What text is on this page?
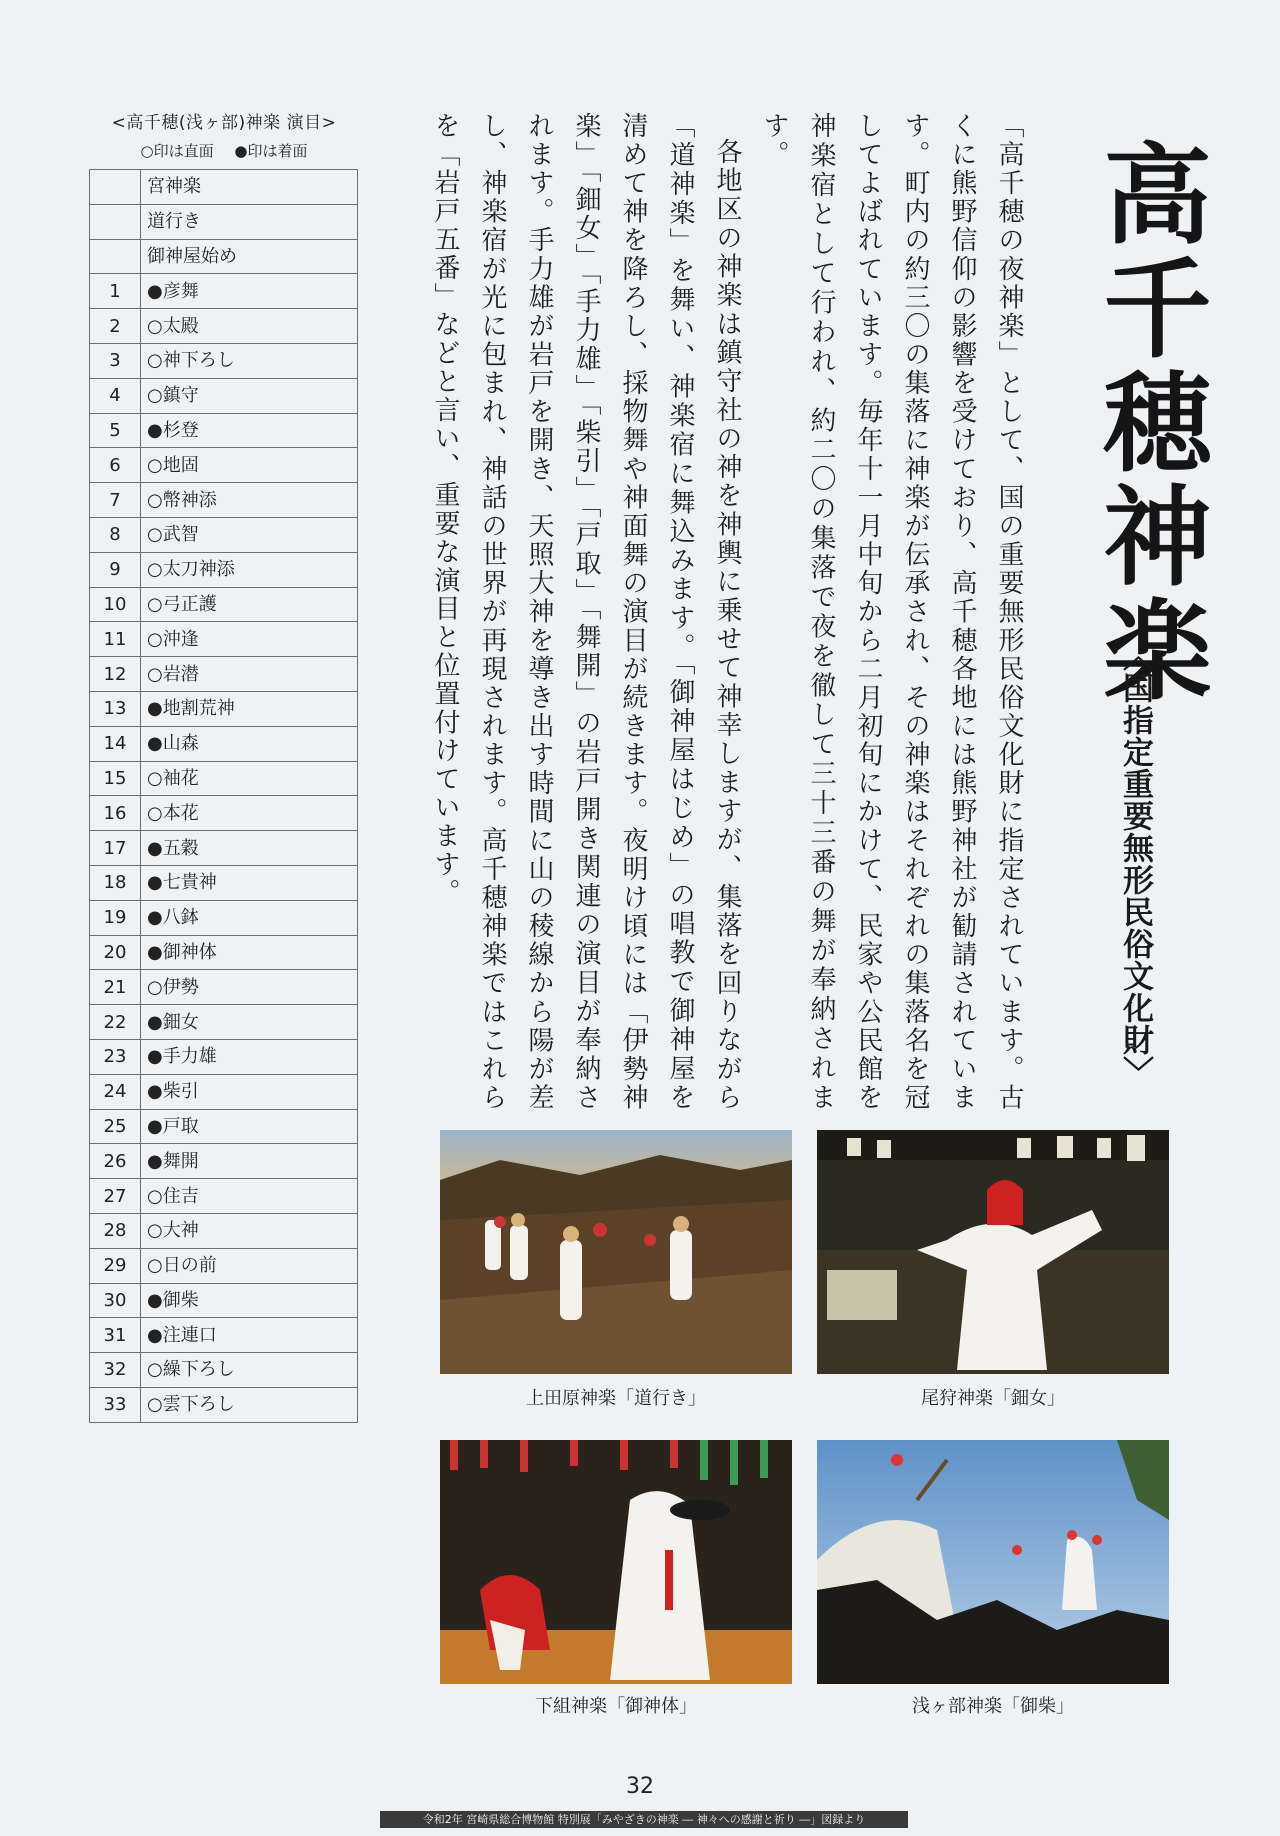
<高千穂(浅ヶ部)神楽 演目>
○印は直面 ●印は着面
	宮神楽
	道行き
	御神屋始め
1	●彦舞
2	○太殿
3	○神下ろし
4	○鎮守
5	●杉登
6	○地固
7	○幣神添
8	○武智
9	○太刀神添
10	○弓正護
11	○沖逢
12	○岩潜
13	●地割荒神
14	●山森
15	○袖花
16	○本花
17	●五穀
18	●七貴神
19	●八鉢
20	●御神体
21	○伊勢
22	●鈿女
23	●手力雄
24	●柴引
25	●戸取
26	●舞開
27	○住吉
28	○大神
29	○日の前
30	●御柴
31	●注連口
32	○繰下ろし
33	○雲下ろし
高千穂神楽
〈国指定重要無形民俗文化財〉

「高千穂の夜神楽」として、国の重要無形民俗文化財に指定されています。古くに熊野信仰の影響を受けており、高千穂各地には熊野神社が勧請されています。町内の約三〇の集落に神楽が伝承され、その神楽はそれぞれの集落名を冠してよばれています。毎年十一月中旬から二月初旬にかけて、民家や公民館を神楽宿として行われ、約二〇の集落で夜を徹して三十三番の舞が奉納されます。

各地区の神楽は鎮守社の神を神輿に乗せて神幸しますが、集落を回りながら「道神楽」を舞い、神楽宿に舞込みます。「御神屋はじめ」の唱教で御神屋を清めて神を降ろし、採物舞や神面舞の演目が続きます。夜明け頃には「伊勢神楽」「鈿女」「手力雄」「柴引」「戸取」「舞開」の岩戸開き関連の演目が奉納されます。手力雄が岩戸を開き、天照大神を導き出す時間に山の稜線から陽が差し、神楽宿が光に包まれ、神話の世界が再現されます。高千穂神楽ではこれらを「岩戸五番」などと言い、重要な演目と位置付けています。

上田原神楽「道行き」	尾狩神楽「鈿女」
下組神楽「御神体」	浅ヶ部神楽「御柴」
32
令和2年 宮崎県総合博物館 特別展「みやざきの神楽 ― 神々への感謝と祈り ―」図録より
